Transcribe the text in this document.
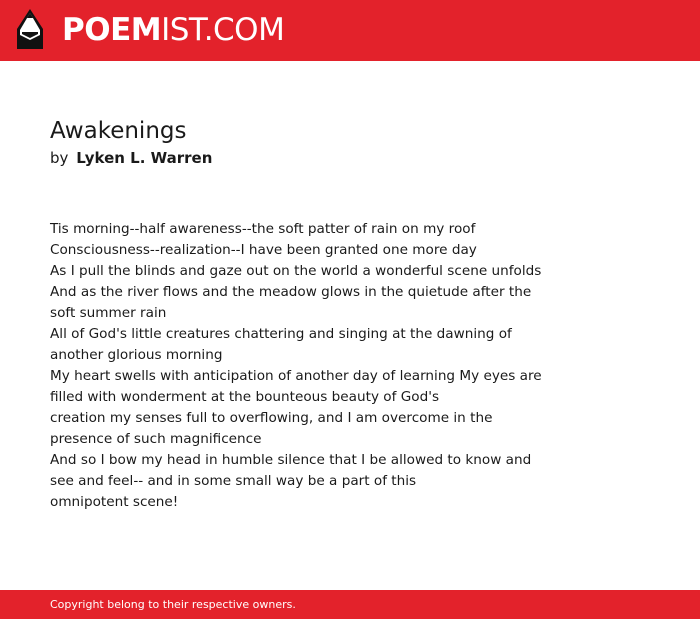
POEMIST.COM
Awakenings
by Lyken L. Warren
Tis morning--half awareness--the soft patter of rain on my roof
Consciousness--realization--I have been granted one more day
As I pull the blinds and gaze out on the world a wonderful scene unfolds
And as the river flows and the meadow glows in the quietude after the
soft summer rain
All of God's little creatures chattering and singing at the dawning of
another glorious morning
My heart swells with anticipation of another day of learning My eyes are
filled with wonderment at the bounteous beauty of God's
creation my senses full to overflowing, and I am overcome in the
presence of such magnificence
And so I bow my head in humble silence that I be allowed to know and
see and feel-- and in some small way be a part of this
omnipotent scene!
Copyright belong to their respective owners.
